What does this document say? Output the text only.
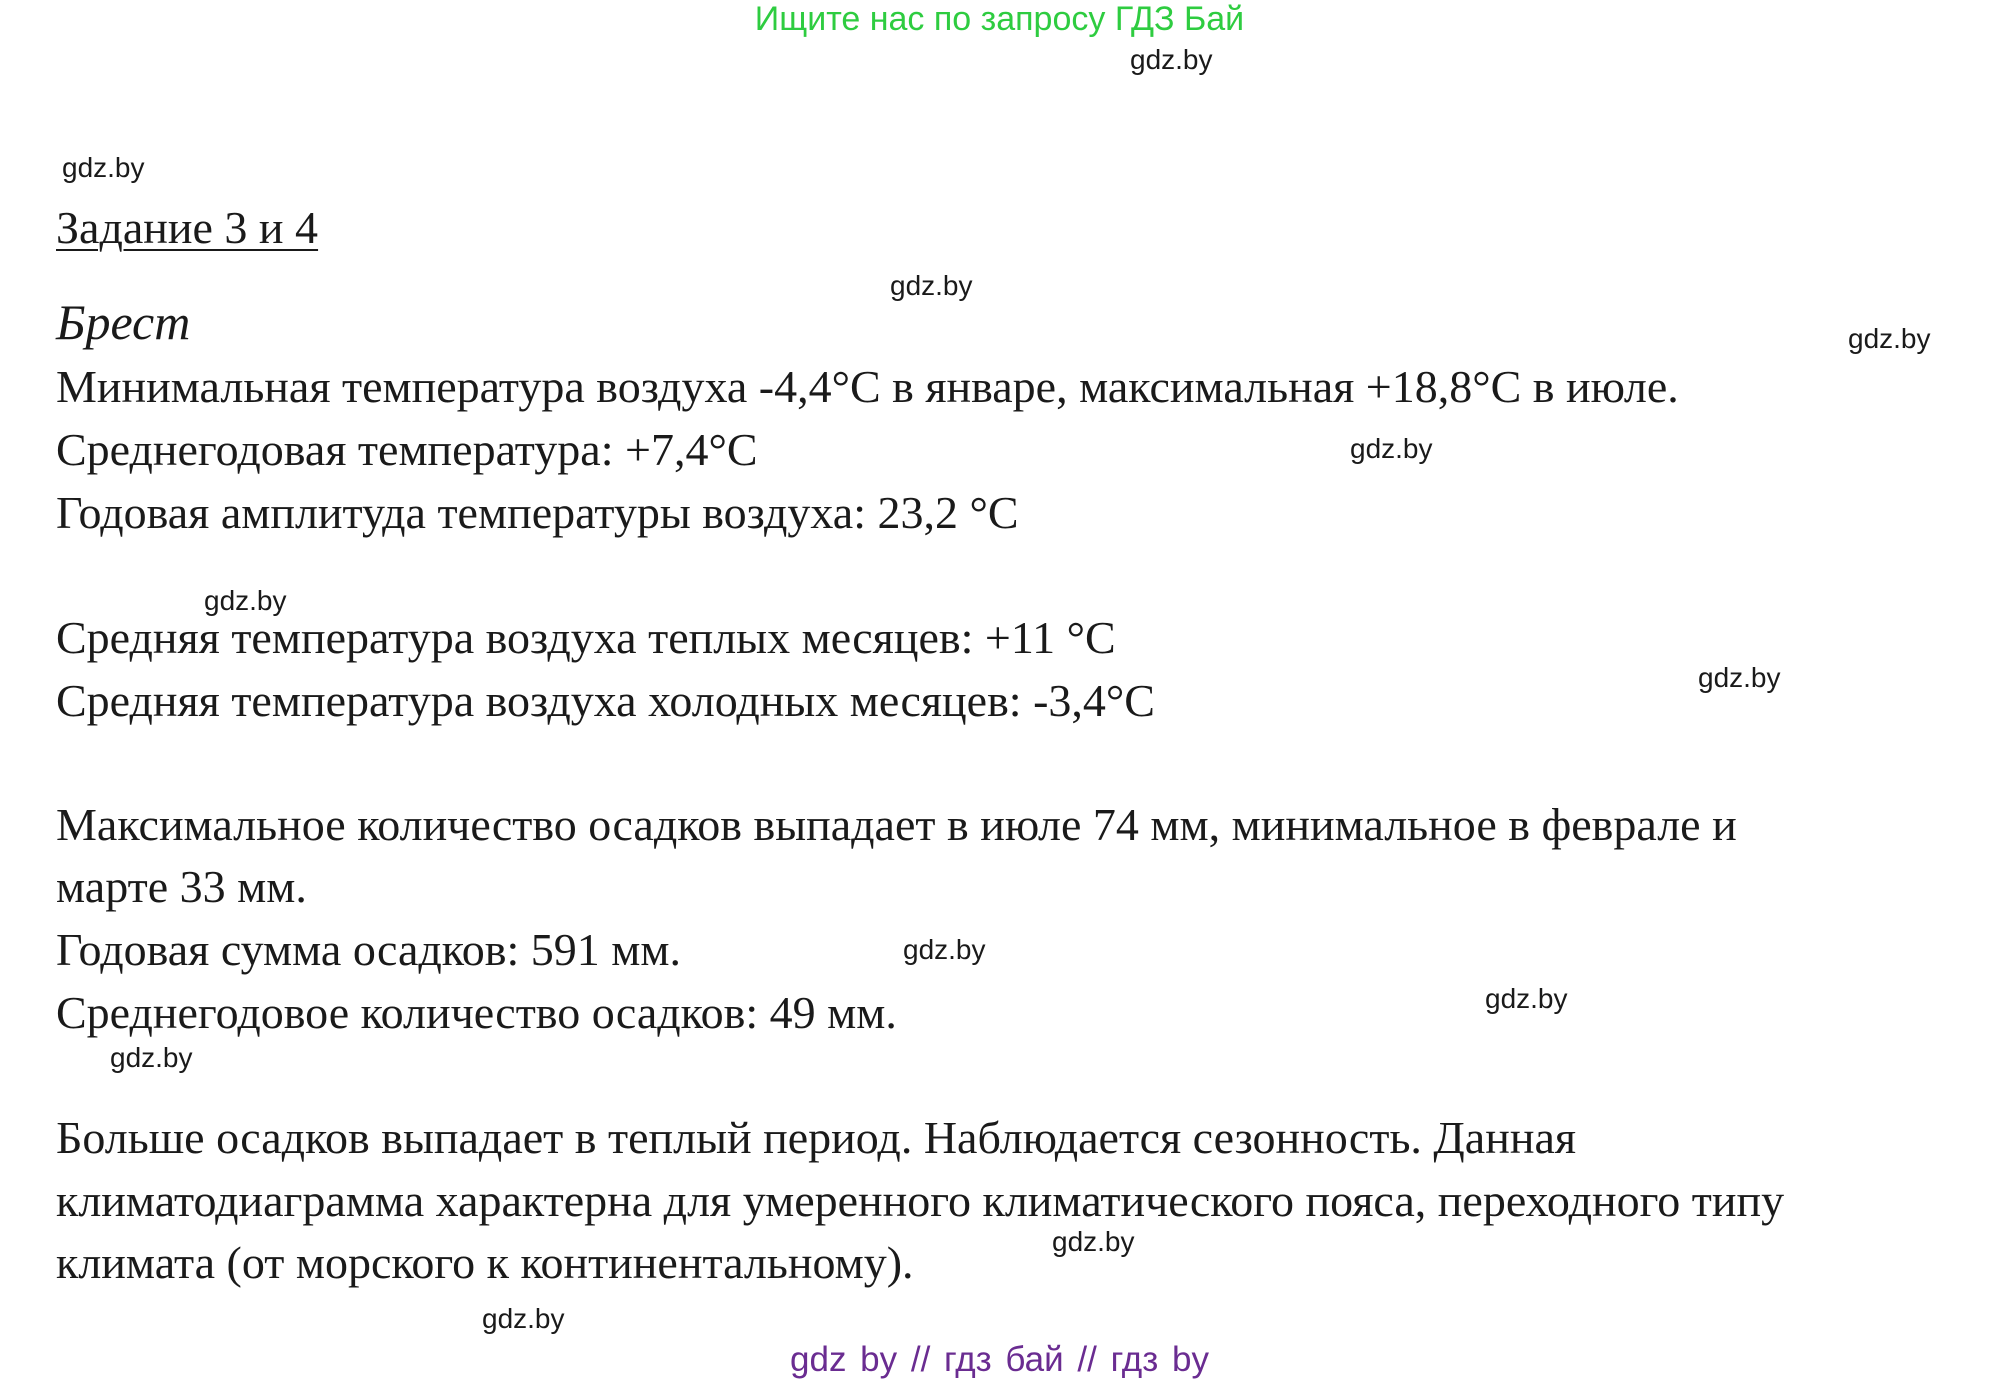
Ищите нас по запросу ГДЗ Бай
gdz.by
gdz.by
gdz.by
gdz.by
gdz.by
gdz.by
gdz.by
gdz.by
gdz.by
gdz.by
gdz.by
gdz.by
Задание 3 и 4
Брест
Минимальная температура воздуха -4,4°C в январе, максимальная +18,8°C в июле.
Среднегодовая температура: +7,4°C
Годовая амплитуда температуры воздуха: 23,2 °C
Средняя температура воздуха теплых месяцев: +11 °C
Средняя температура воздуха холодных месяцев: -3,4°C
Максимальное количество осадков выпадает в июле 74 мм, минимальное в феврале и
марте 33 мм.
Годовая сумма осадков: 591 мм.
Среднегодовое количество осадков: 49 мм.
Больше осадков выпадает в теплый период. Наблюдается сезонность. Данная
климатодиаграмма характерна для умеренного климатического пояса, переходного типу
климата (от морского к континентальному).
gdz by // гдз бай // гдз by
